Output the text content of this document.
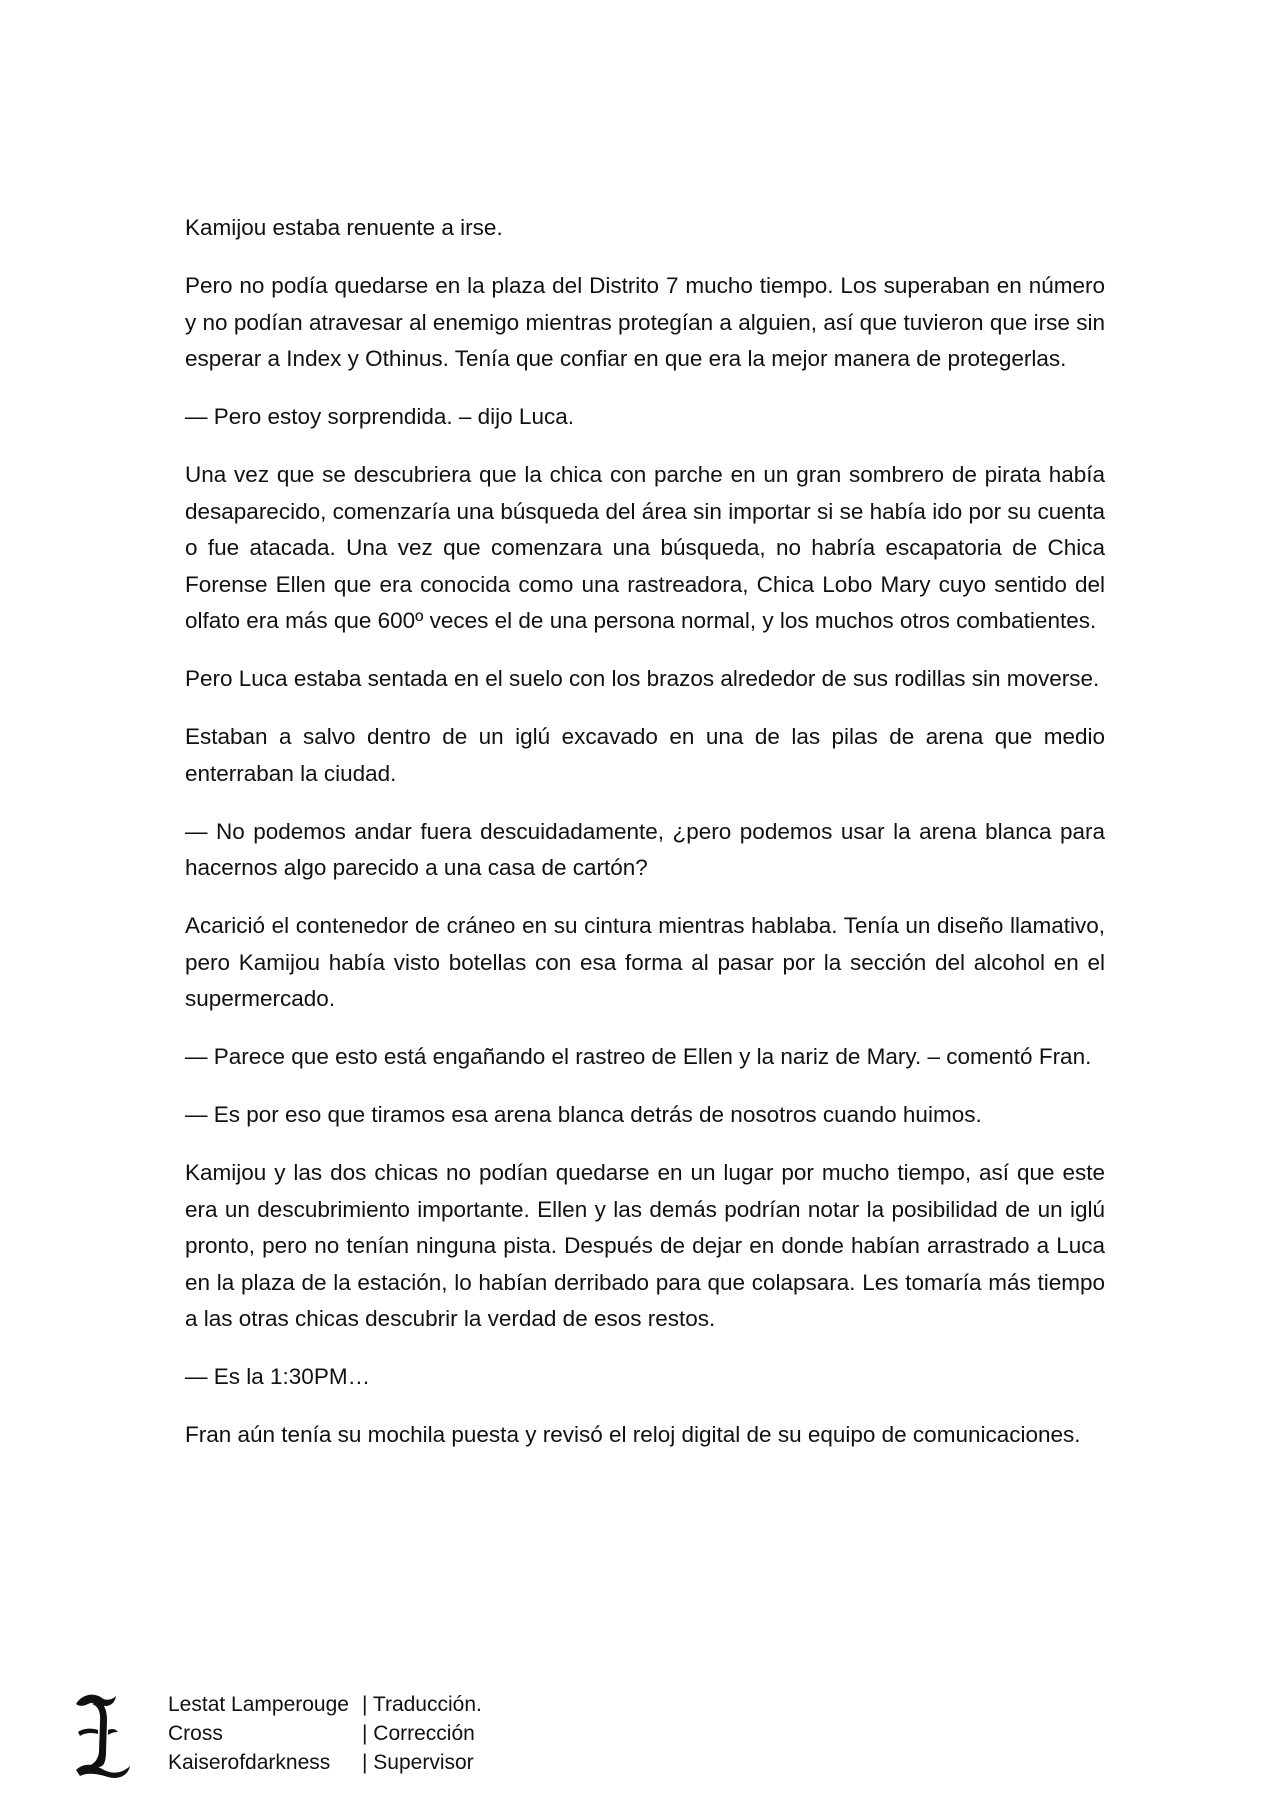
Kamijou estaba renuente a irse.

Pero no podía quedarse en la plaza del Distrito 7 mucho tiempo. Los superaban en número y no podían atravesar al enemigo mientras protegían a alguien, así que tuvieron que irse sin esperar a Index y Othinus. Tenía que confiar en que era la mejor manera de protegerlas.

— Pero estoy sorprendida. – dijo Luca.

Una vez que se descubriera que la chica con parche en un gran sombrero de pirata había desaparecido, comenzaría una búsqueda del área sin importar si se había ido por su cuenta o fue atacada. Una vez que comenzara una búsqueda, no habría escapatoria de Chica Forense Ellen que era conocida como una rastreadora, Chica Lobo Mary cuyo sentido del olfato era más que 600º veces el de una persona normal, y los muchos otros combatientes.

Pero Luca estaba sentada en el suelo con los brazos alrededor de sus rodillas sin moverse.

Estaban a salvo dentro de un iglú excavado en una de las pilas de arena que medio enterraban la ciudad.

— No podemos andar fuera descuidadamente, ¿pero podemos usar la arena blanca para hacernos algo parecido a una casa de cartón?

Acarició el contenedor de cráneo en su cintura mientras hablaba. Tenía un diseño llamativo, pero Kamijou había visto botellas con esa forma al pasar por la sección del alcohol en el supermercado.

— Parece que esto está engañando el rastreo de Ellen y la nariz de Mary. – comentó Fran.

— Es por eso que tiramos esa arena blanca detrás de nosotros cuando huimos.

Kamijou y las dos chicas no podían quedarse en un lugar por mucho tiempo, así que este era un descubrimiento importante. Ellen y las demás podrían notar la posibilidad de un iglú pronto, pero no tenían ninguna pista. Después de dejar en donde habían arrastrado a Luca en la plaza de la estación, lo habían derribado para que colapsara. Les tomaría más tiempo a las otras chicas descubrir la verdad de esos restos.

— Es la 1:30PM…

Fran aún tenía su mochila puesta y revisó el reloj digital de su equipo de comunicaciones.

Lestat Lamperouge | Traducción.
Cross	| Corrección
Kaiserofdarkness	| Supervisor
